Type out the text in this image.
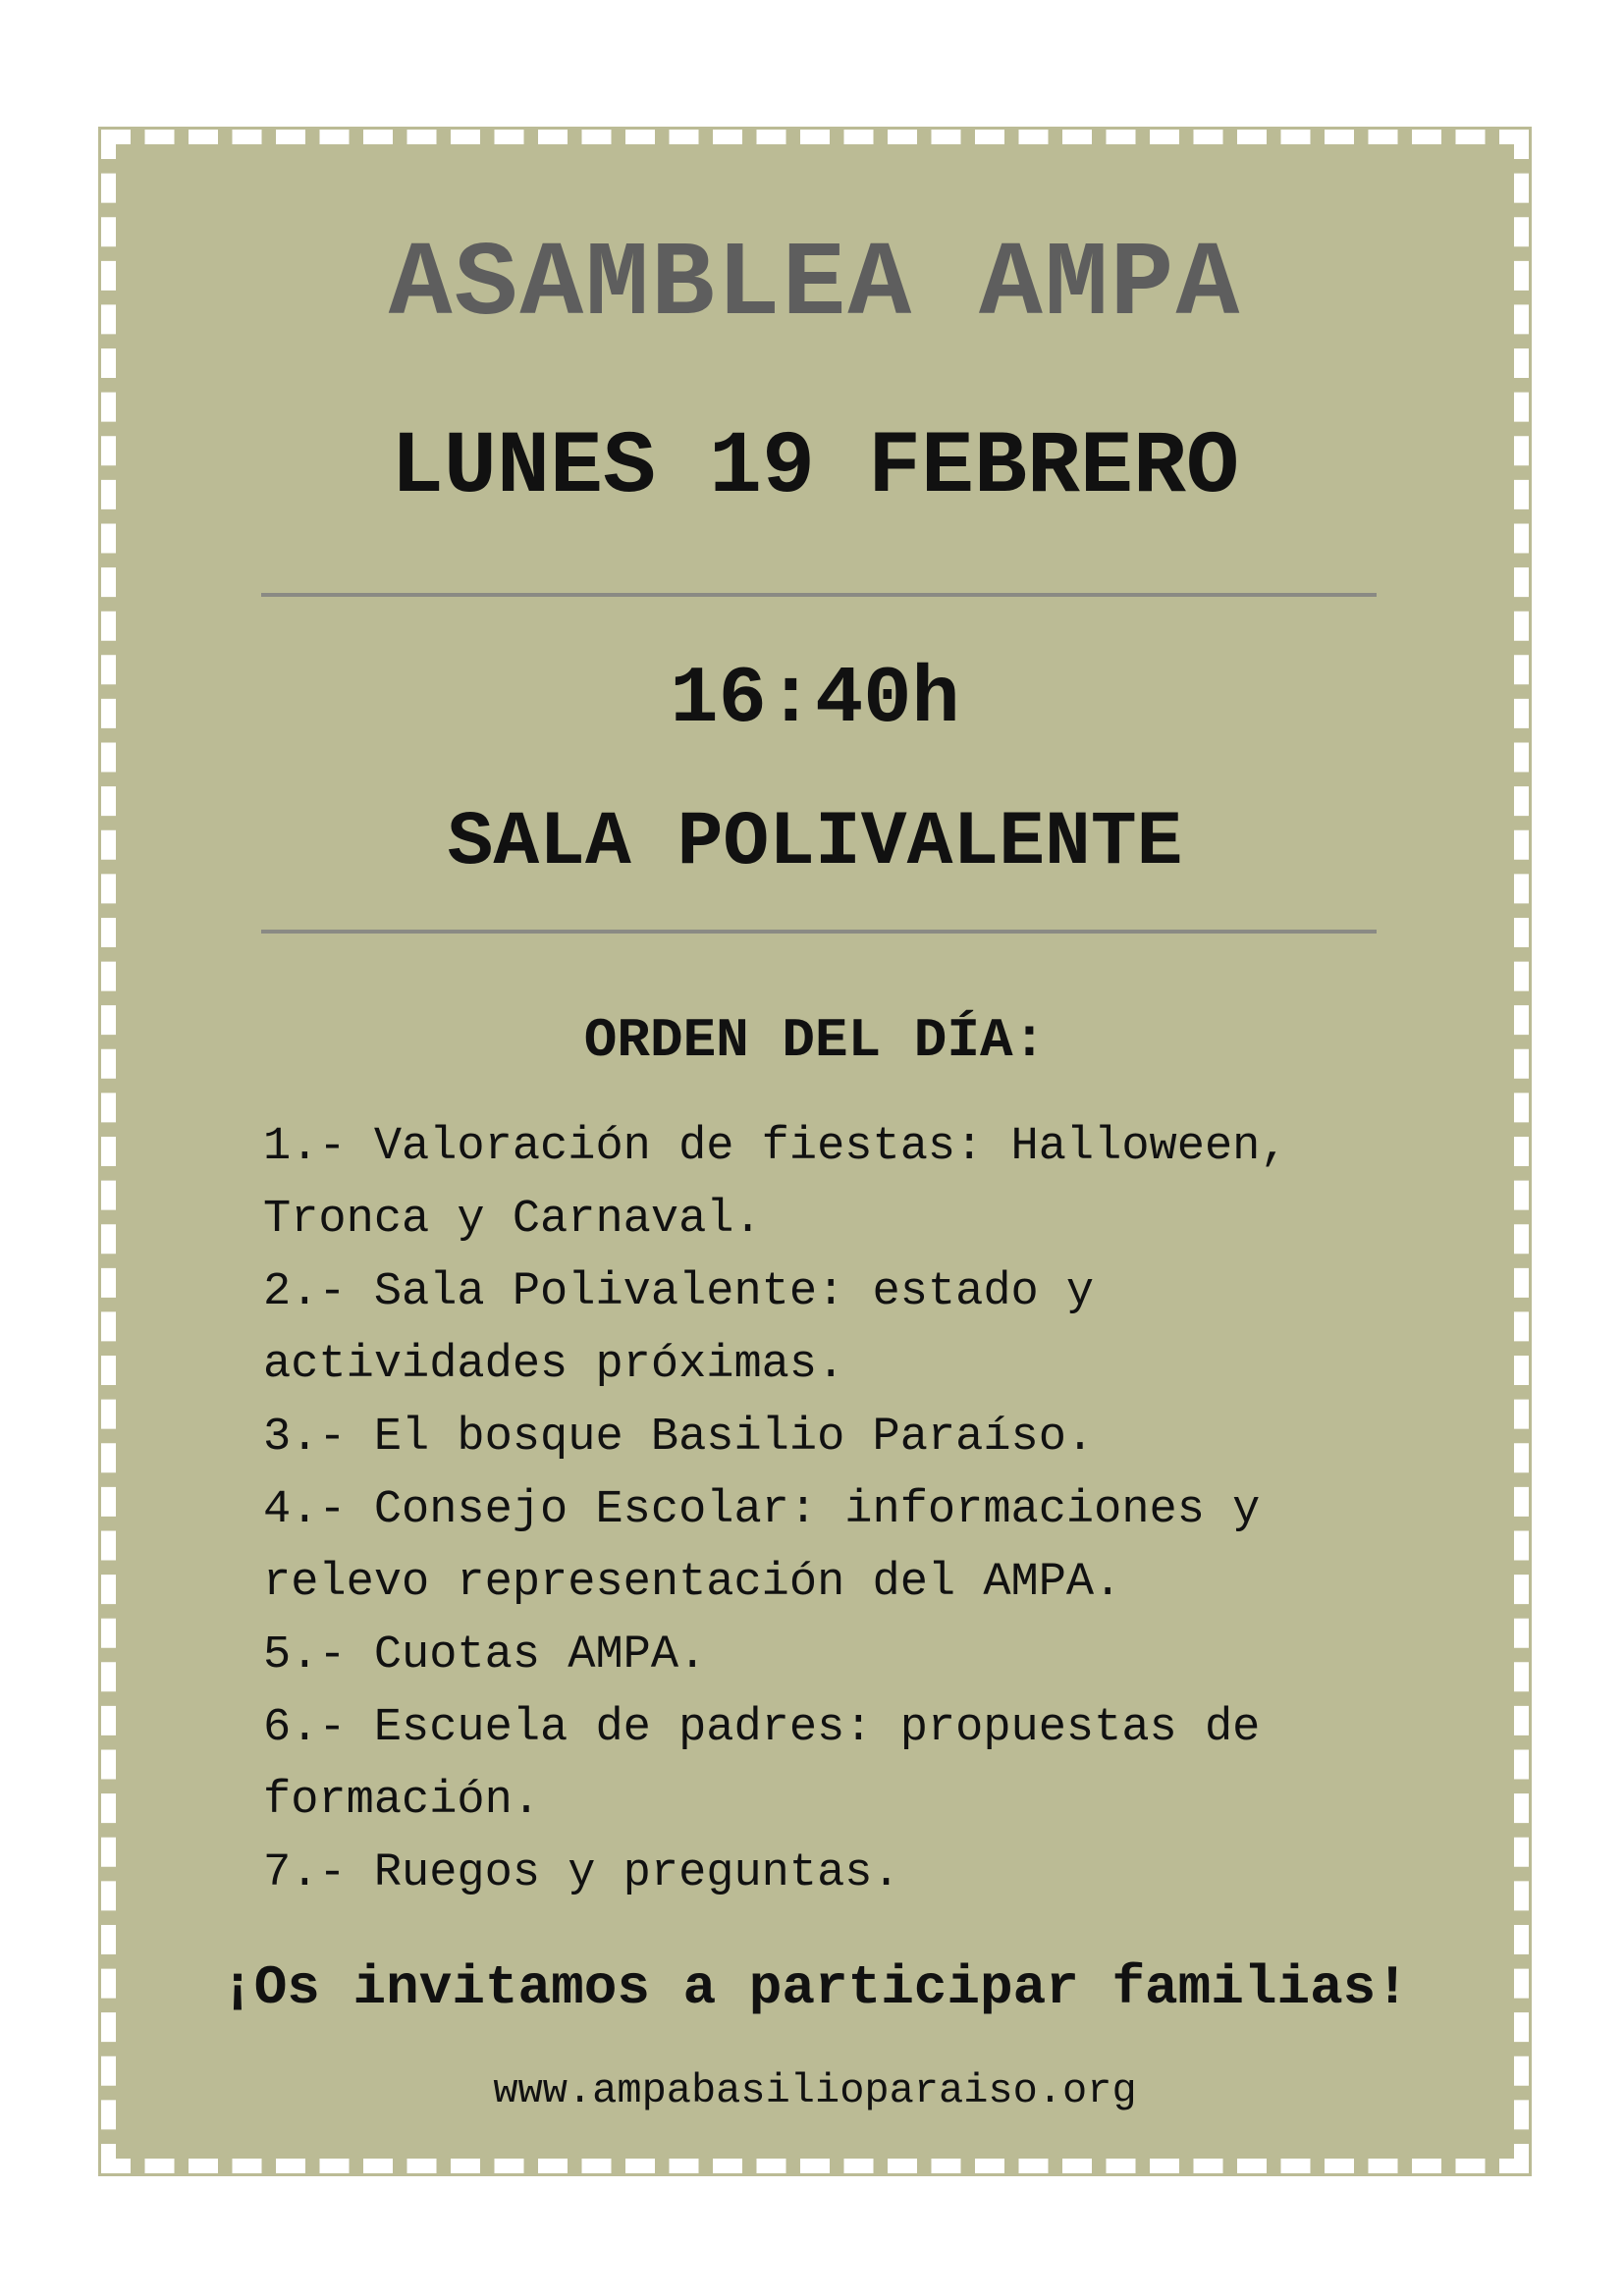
ASAMBLEA AMPA
LUNES 19 FEBRERO
16:40h
SALA POLIVALENTE
ORDEN DEL DÍA:
1.- Valoración de fiestas: Halloween, Tronca y Carnaval.
2.- Sala Polivalente: estado y actividades próximas.
3.- El bosque Basilio Paraíso.
4.- Consejo Escolar: informaciones y relevo representación del AMPA.
5.- Cuotas AMPA.
6.- Escuela de padres: propuestas de formación.
7.- Ruegos y preguntas.
¡Os invitamos a participar familias!
www.ampabasilioparaiso.org
